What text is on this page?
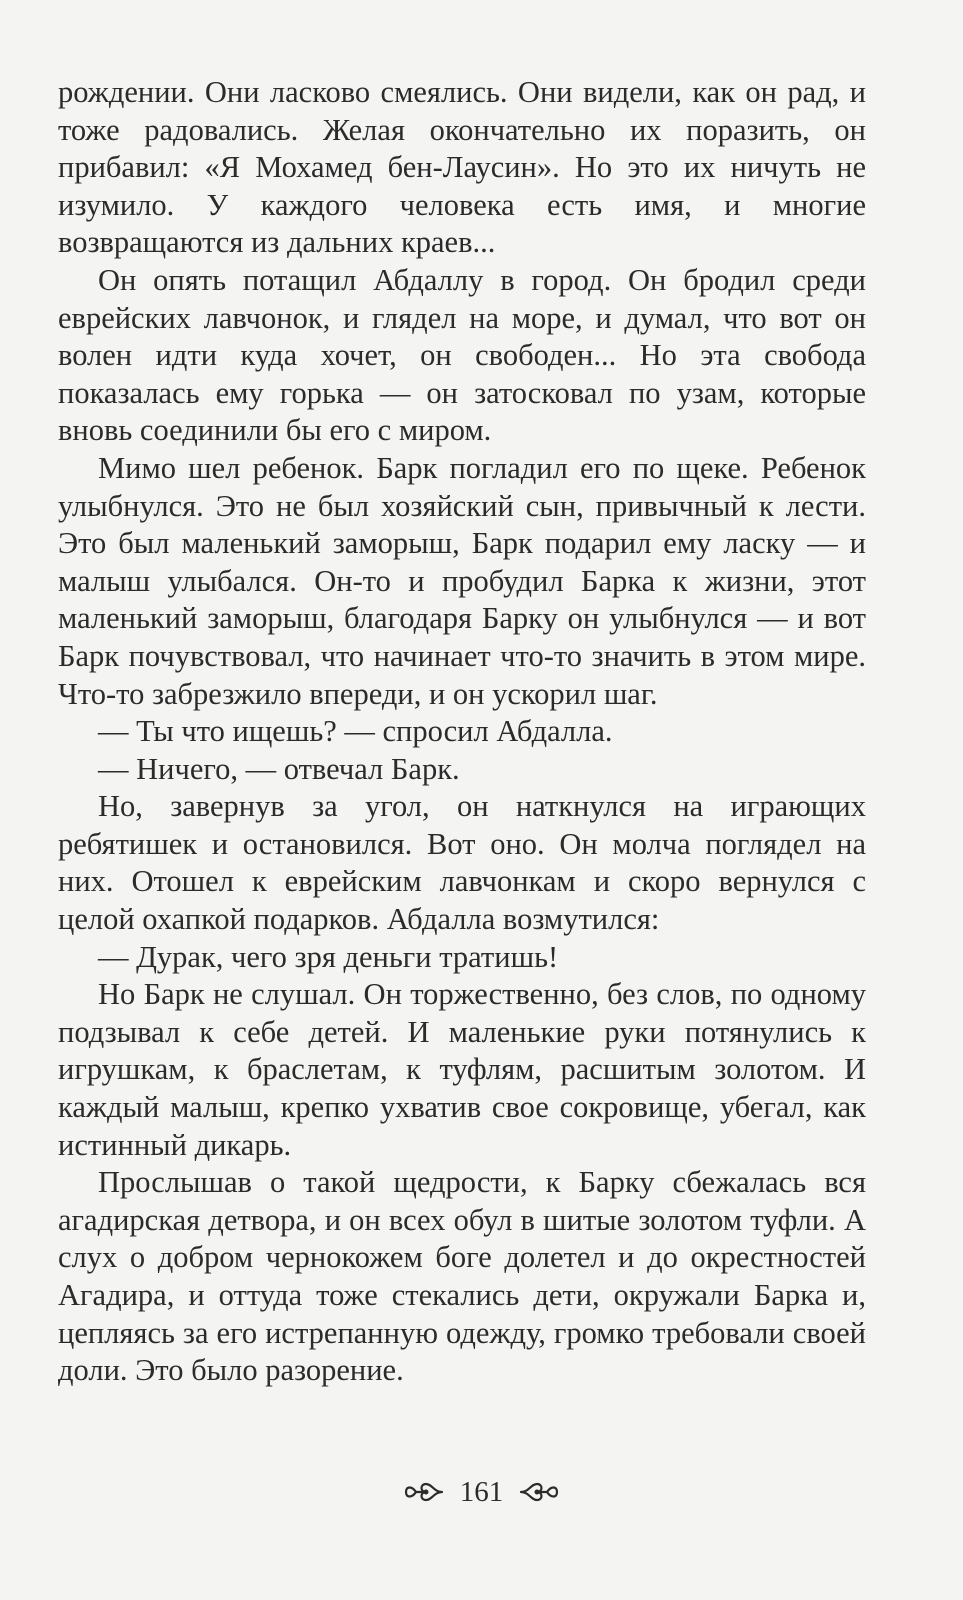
рождении. Они ласково смеялись. Они видели, как он рад, и тоже радовались. Желая окончательно их поразить, он прибавил: «Я Мохамед бен-Лаусин». Но это их ничуть не изумило. У каждого человека есть имя, и многие возвращаются из дальних краев...

Он опять потащил Абдаллу в город. Он бродил среди еврейских лавчонок, и глядел на море, и думал, что вот он волен идти куда хочет, он свободен... Но эта свобода показалась ему горька — он затосковал по узам, которые вновь соединили бы его с миром.

Мимо шел ребенок. Барк погладил его по щеке. Ребенок улыбнулся. Это не был хозяйский сын, привычный к лести. Это был маленький заморыш, Барк подарил ему ласку — и малыш улыбался. Он-то и пробудил Барка к жизни, этот маленький заморыш, благодаря Барку он улыбнулся — и вот Барк почувствовал, что начинает что-то значить в этом мире. Что-то забрезжило впереди, и он ускорил шаг.

— Ты что ищешь? — спросил Абдалла.

— Ничего, — отвечал Барк.

Но, завернув за угол, он наткнулся на играющих ребятишек и остановился. Вот оно. Он молча поглядел на них. Отошел к еврейским лавчонкам и скоро вернулся с целой охапкой подарков. Абдалла возмутился:

— Дурак, чего зря деньги тратишь!

Но Барк не слушал. Он торжественно, без слов, по одному подзывал к себе детей. И маленькие руки потянулись к игрушкам, к браслетам, к туфлям, расшитым золотом. И каждый малыш, крепко ухватив свое сокровище, убегал, как истинный дикарь.

Прослышав о такой щедрости, к Барку сбежалась вся агадирская детвора, и он всех обул в шитые золотом туфли. А слух о добром чернокожем боге долетел и до окрестностей Агадира, и оттуда тоже стекались дети, окружали Барка и, цепляясь за его истрепанную одежду, громко требовали своей доли. Это было разорение.

161
